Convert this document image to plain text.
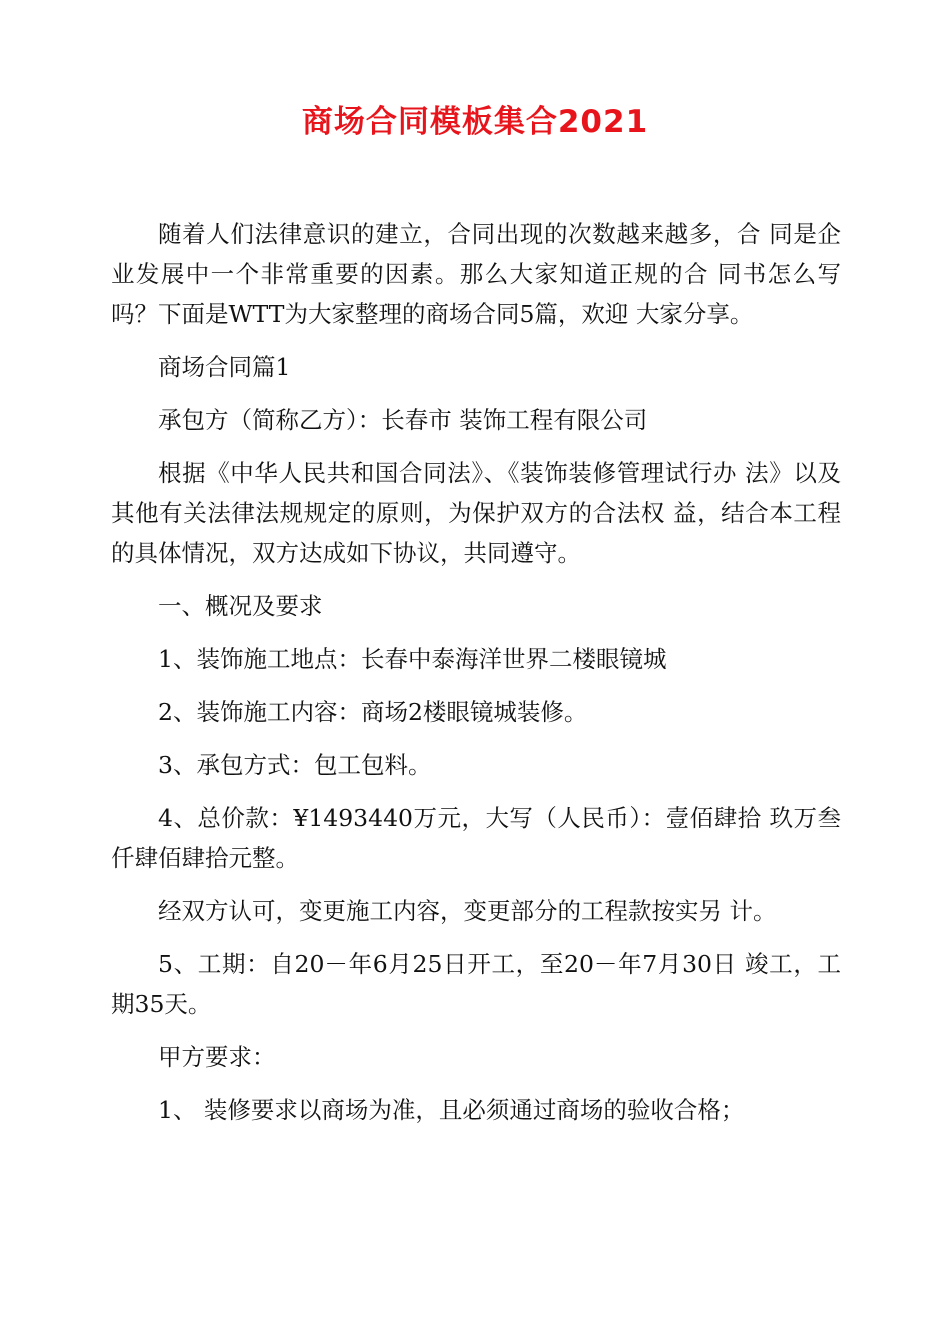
商场合同模板集合2021

随着人们法律意识的建立，合同出现的次数越来越多，合 同是企业发展中一个非常重要的因素。那么大家知道正规的合 同书怎么写吗？下面是WTT为大家整理的商场合同5篇，欢迎 大家分享。

商场合同篇1

承包方（简称乙方）：长春市 装饰工程有限公司

根据《中华人民共和国合同法》、《装饰装修管理试行办 法》以及其他有关法律法规规定的原则，为保护双方的合法权 益，结合本工程的具体情况，双方达成如下协议，共同遵守。

一、概况及要求

1、装饰施工地点：长春中泰海洋世界二楼眼镜城

2、装饰施工内容：商场2楼眼镜城装修。

3、承包方式：包工包料。

4、总价款：¥1493440万元，大写（人民币）：壹佰肆拾 玖万叁仟肆佰肆拾元整。

经双方认可，变更施工内容，变更部分的工程款按实另 计。

5、工期：自20－年6月25日开工，至20－年7月30日 竣工，工期35天。

甲方要求：

1、 装修要求以商场为准，且必须通过商场的验收合格；
